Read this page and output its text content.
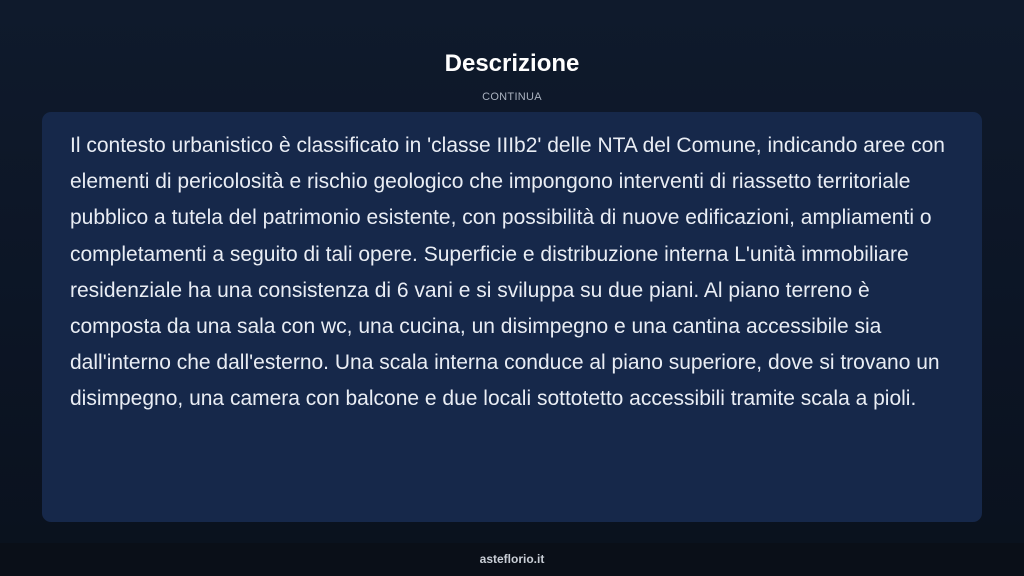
Descrizione
CONTINUA

Il contesto urbanistico è classificato in 'classe IIIb2' delle NTA del Comune, indicando aree con elementi di pericolosità e rischio geologico che impongono interventi di riassetto territoriale pubblico a tutela del patrimonio esistente, con possibilità di nuove edificazioni, ampliamenti o completamenti a seguito di tali opere. Superficie e distribuzione interna L'unità immobiliare residenziale ha una consistenza di 6 vani e si sviluppa su due piani. Al piano terreno è composta da una sala con wc, una cucina, un disimpegno e una cantina accessibile sia dall'interno che dall'esterno. Una scala interna conduce al piano superiore, dove si trovano un disimpegno, una camera con balcone e due locali sottotetto accessibili tramite scala a pioli.

asteflorio.it
